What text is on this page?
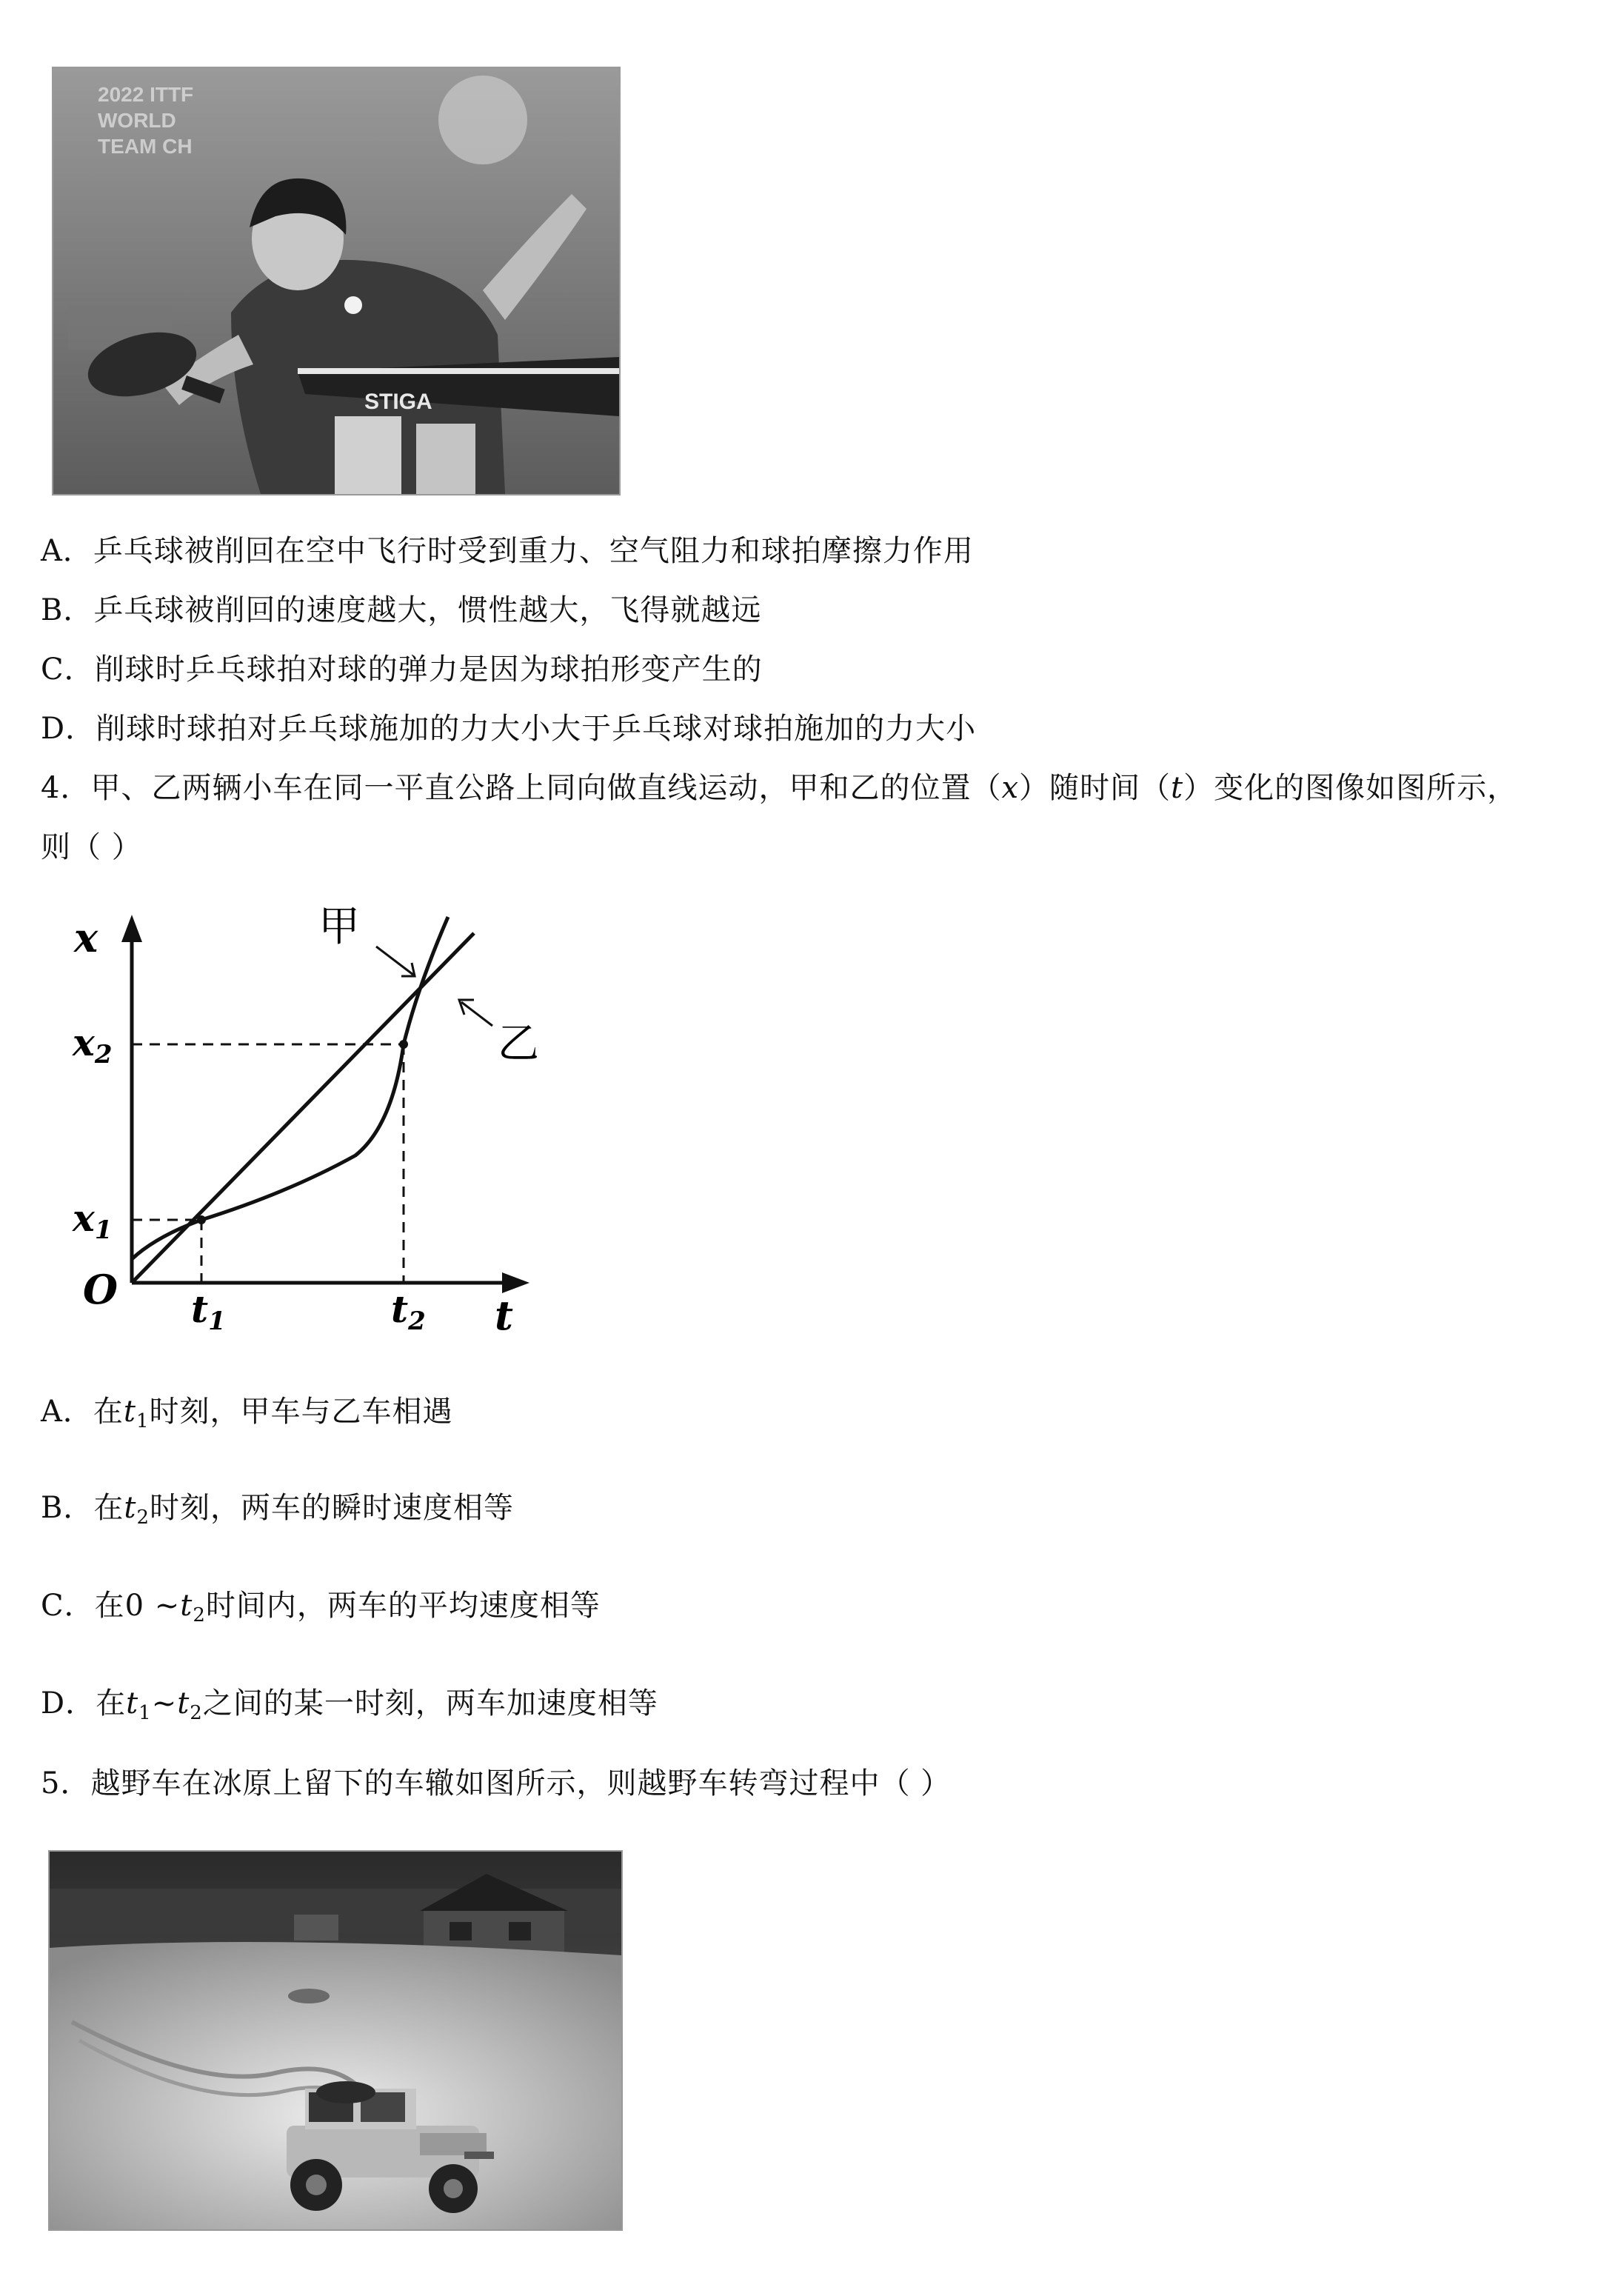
2022 ITTF
WORLD
TEAM CH
STIGA
A．乒乓球被削回在空中飞行时受到重力、空气阻力和球拍摩擦力作用
B．乒乓球被削回的速度越大，惯性越大，飞得就越远
C．削球时乒乓球拍对球的弹力是因为球拍形变产生的
D．削球时球拍对乒乓球施加的力大小大于乒乓球对球拍施加的力大小
4．甲、乙两辆小车在同一平直公路上同向做直线运动，甲和乙的位置（x）随时间（t）变化的图像如图所示，
则（ ）
x
t
O
$x_2$
$x_1$
$t_1$	$t_2$
甲
乙
A．在$t_1$时刻，甲车与乙车相遇
B．在$t_2$时刻，两车的瞬时速度相等
C．在0 $\sim t_2$时间内，两车的平均速度相等
D．在$t_1\sim t_2$之间的某一时刻，两车加速度相等
5．越野车在冰原上留下的车辙如图所示，则越野车转弯过程中（ ）
